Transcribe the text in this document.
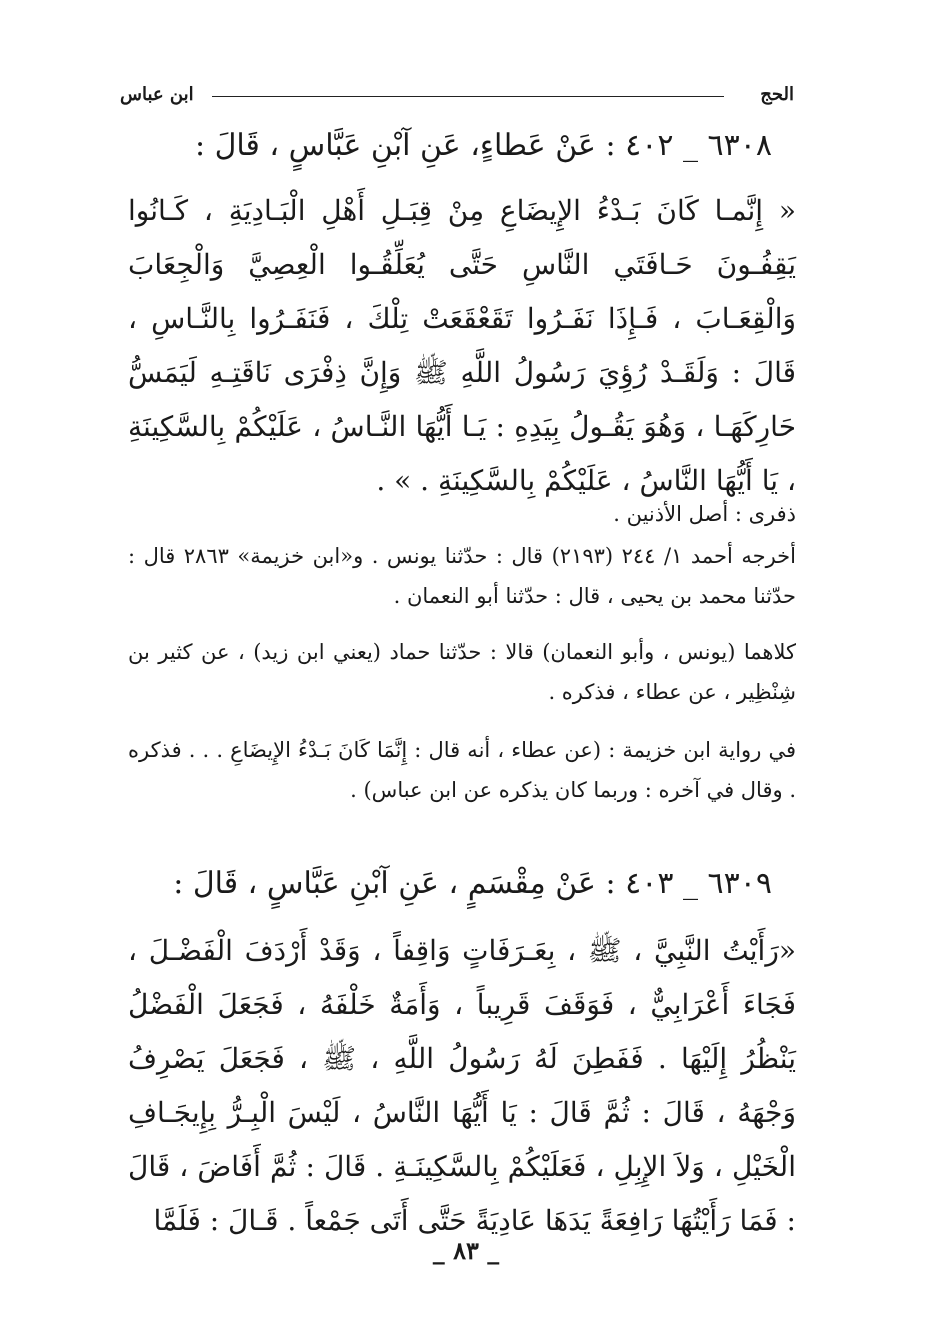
الحج
ابن عباس
٦٣٠٨ _ ٤٠٢ : عَنْ عَطاءٍ، عَنِ آبْنِ عَبَّاسٍ ، قَالَ :
« إِنَّمـا كَانَ بَـدْءُ الإِيضَاعِ مِنْ قِبَـلِ أَهْلِ الْبَـادِيَةِ ، كَـانُوا يَقِفُـونَ حَـافَتَي النَّاسِ حَتَّى يُعَلِّقُـوا الْعِصِيَّ وَالْجِعَابَ وَالْقِعَـابَ ، فَـإِذَا نَفَـرُوا تَقَعْقَعَتْ تِلْكَ ، فَنَفَـرُوا بِالنَّـاسِ ، قَالَ : وَلَقَـدْ رُؤِيَ رَسُولُ اللَّهِ ﷺ وَإِنَّ ذِفْرَى نَاقَتِـهِ لَيَمَسُّ حَارِكَهَـا ، وَهُوَ يَقُـولُ بِيَدِهِ : يَـا أَيُّهَا النَّـاسُ ، عَلَيْكُمْ بِالسَّكِينَةِ ، يَا أَيُّهَا النَّاسُ ، عَلَيْكُمْ بِالسَّكِينَةِ . » .
ذفرى : أصل الأذنين .
أخرجه أحمد ١/ ٢٤٤ (٢١٩٣) قال : حدّثنا يونس . و«ابن خزيمة» ٢٨٦٣ قال : حدّثنا محمد بن يحيى ، قال : حدّثنا أبو النعمان .
كلاهما (يونس ، وأبو النعمان) قالا : حدّثنا حماد (يعني ابن زيد) ، عن كثير بن شِنْظِير ، عن عطاء ، فذكره .
في رواية ابن خزيمة : (عن عطاء ، أنه قال : إِنَّمَا كَانَ بَـدْءُ الإِيضَاعِ . . . فذكره . وقال في آخره : وربما كان يذكره عن ابن عباس) .
٦٣٠٩ _ ٤٠٣ : عَنْ مِقْسَمٍ ، عَنِ آبْنِ عَبَّاسٍ ، قَالَ :
«رَأَيْتُ النَّبِيَّ ، ﷺ ، بِعَـرَفَاتٍ وَاقِفاً ، وَقَدْ أَرْدَفَ الْفَضْـلَ ، فَجَاءَ أَعْرَابِيٌّ ، فَوَقَفَ قَرِيباً ، وَأَمَةٌ خَلْفَهُ ، فَجَعَلَ الْفَضْلُ يَنْظُرُ إِلَيْهَا . فَفَطِنَ لَهُ رَسُولُ اللَّهِ ، ﷺ ، فَجَعَلَ يَصْرِفُ وَجْهَهُ ، قَالَ : ثُمَّ قَالَ : يَا أَيُّهَا النَّاسُ ، لَيْسَ الْبِـرُّ بِإِيجَـافِ الْخَيْلِ ، وَلاَ الإِبِلِ ، فَعَلَيْكُمْ بِالسَّكِينَـةِ . قَالَ : ثُمَّ أَفَاضَ ، قَالَ : فَمَا رَأَيْتُهَا رَافِعَةً يَدَهَا عَادِيَةً حَتَّى أَتَى جَمْعاً . قَـالَ : فَلَمَّا
_ ٨٣ _
